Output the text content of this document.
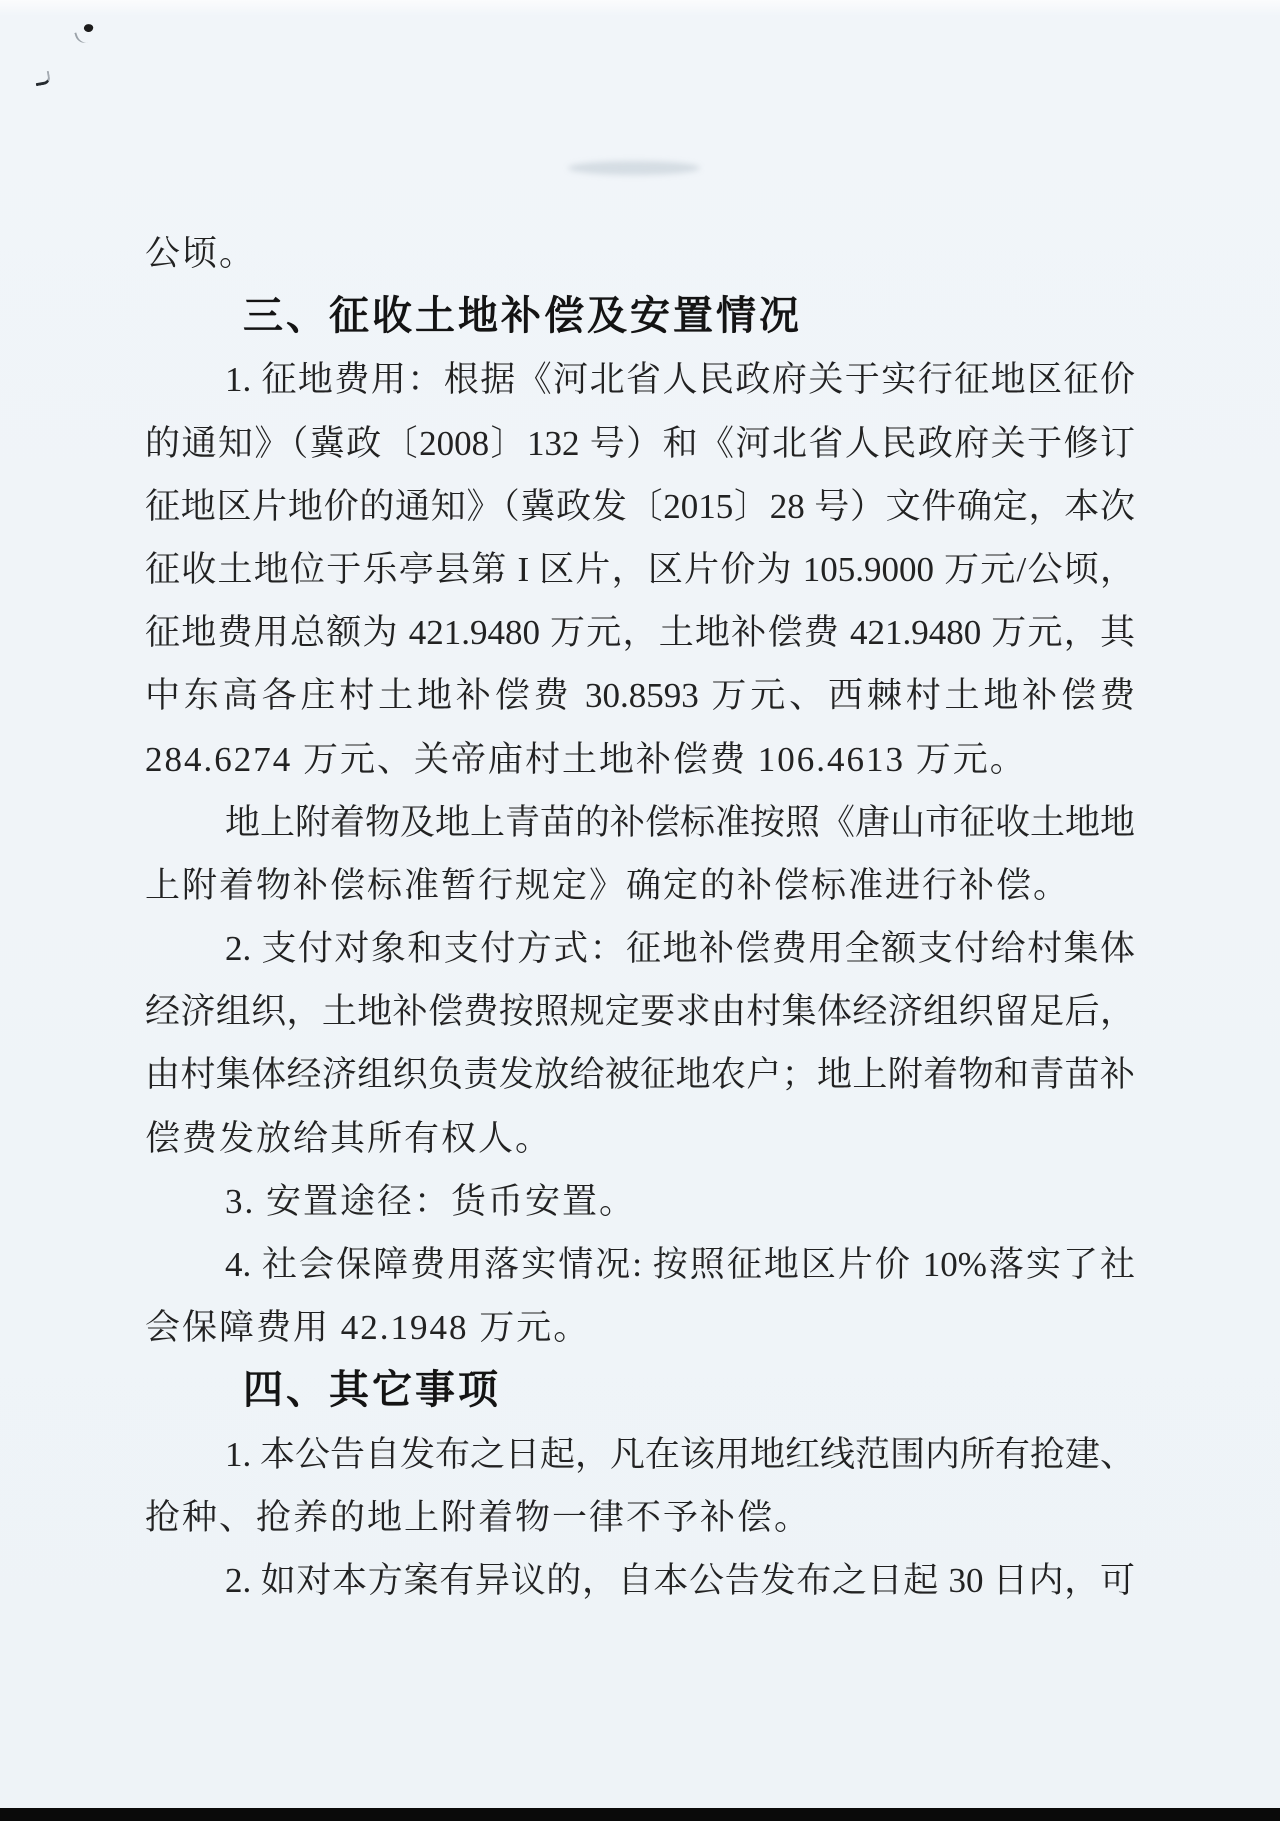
公顷。
三、征收土地补偿及安置情况
1. 征地费用：根据《河北省人民政府关于实行征地区征价
的通知》（冀政〔2008〕132 号）和《河北省人民政府关于修订
征地区片地价的通知》（冀政发〔2015〕28 号）文件确定，本次
征收土地位于乐亭县第 I 区片，区片价为 105.9000 万元/公顷，
征地费用总额为 421.9480 万元，土地补偿费 421.9480 万元，其
中东高各庄村土地补偿费 30.8593 万元、西棘村土地补偿费
284.6274 万元、关帝庙村土地补偿费 106.4613 万元。
地上附着物及地上青苗的补偿标准按照《唐山市征收土地地
上附着物补偿标准暂行规定》确定的补偿标准进行补偿。
2. 支付对象和支付方式：征地补偿费用全额支付给村集体
经济组织，土地补偿费按照规定要求由村集体经济组织留足后，
由村集体经济组织负责发放给被征地农户；地上附着物和青苗补
偿费发放给其所有权人。
3. 安置途径：货币安置。
4. 社会保障费用落实情况: 按照征地区片价 10%落实了社
会保障费用 42.1948 万元。
四、其它事项
1. 本公告自发布之日起，凡在该用地红线范围内所有抢建、
抢种、抢养的地上附着物一律不予补偿。
2. 如对本方案有异议的，自本公告发布之日起 30 日内，可
